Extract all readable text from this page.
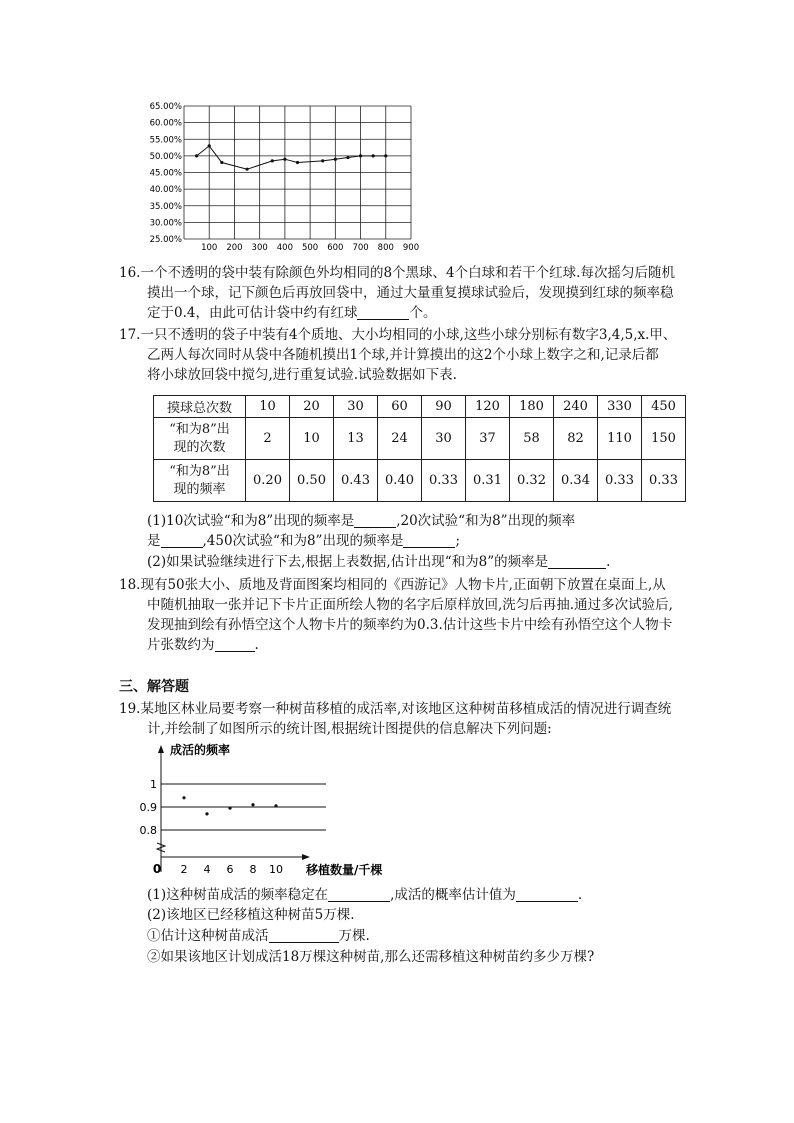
65.00%
60.00%
55.00%
50.00%
45.00%
40.00%
35.00%
30.00%
25.00%
100 200 300 400 500 600 700 800 900
16.一个不透明的袋中装有除颜色外均相同的8个黑球、4个白球和若干个红球.每次摇匀后随机
摸出一个球，记下颜色后再放回袋中，通过大量重复摸球试验后，发现摸到红球的频率稳
定于0.4，由此可估计袋中约有红球	个。
17.一只不透明的袋子中装有4个质地、大小均相同的小球,这些小球分别标有数字3,4,5,x.甲、
乙两人每次同时从袋中各随机摸出1个球,并计算摸出的这2个小球上数字之和,记录后都
将小球放回袋中搅匀,进行重复试验.试验数据如下表.
摸球总次数	10	20	30	60	90	120	180	240	330	450
“和为8”出
现的次数	2	10	13	24	30	37	58	82	110	150
“和为8”出
现的频率	0.20	0.50	0.43	0.40	0.33	0.31	0.32	0.34	0.33	0.33
(1)10次试验“和为8”出现的频率是	,20次试验“和为8”出现的频率
是	,450次试验“和为8”出现的频率是	;
(2)如果试验继续进行下去,根据上表数据,估计出现“和为8”的频率是	.
18.现有50张大小、质地及背面图案均相同的《西游记》人物卡片,正面朝下放置在桌面上,从
中随机抽取一张并记下卡片正面所绘人物的名字后原样放回,洗匀后再抽.通过多次试验后,
发现抽到绘有孙悟空这个人物卡片的频率约为0.3.估计这些卡片中绘有孙悟空这个人物卡
片张数约为	.
三、解答题
19.某地区林业局要考察一种树苗移植的成活率,对该地区这种树苗移植成活的情况进行调查统
计,并绘制了如图所示的统计图,根据统计图提供的信息解决下列问题:
1
0.9
0.8
2 4 6 8 10
0
成活的频率
移植数量/千棵
(1)这种树苗成活的频率稳定在	,成活的概率估计值为	.
(2)该地区已经移植这种树苗5万棵.
①估计这种树苗成活	万棵.
②如果该地区计划成活18万棵这种树苗,那么还需移植这种树苗约多少万棵?
